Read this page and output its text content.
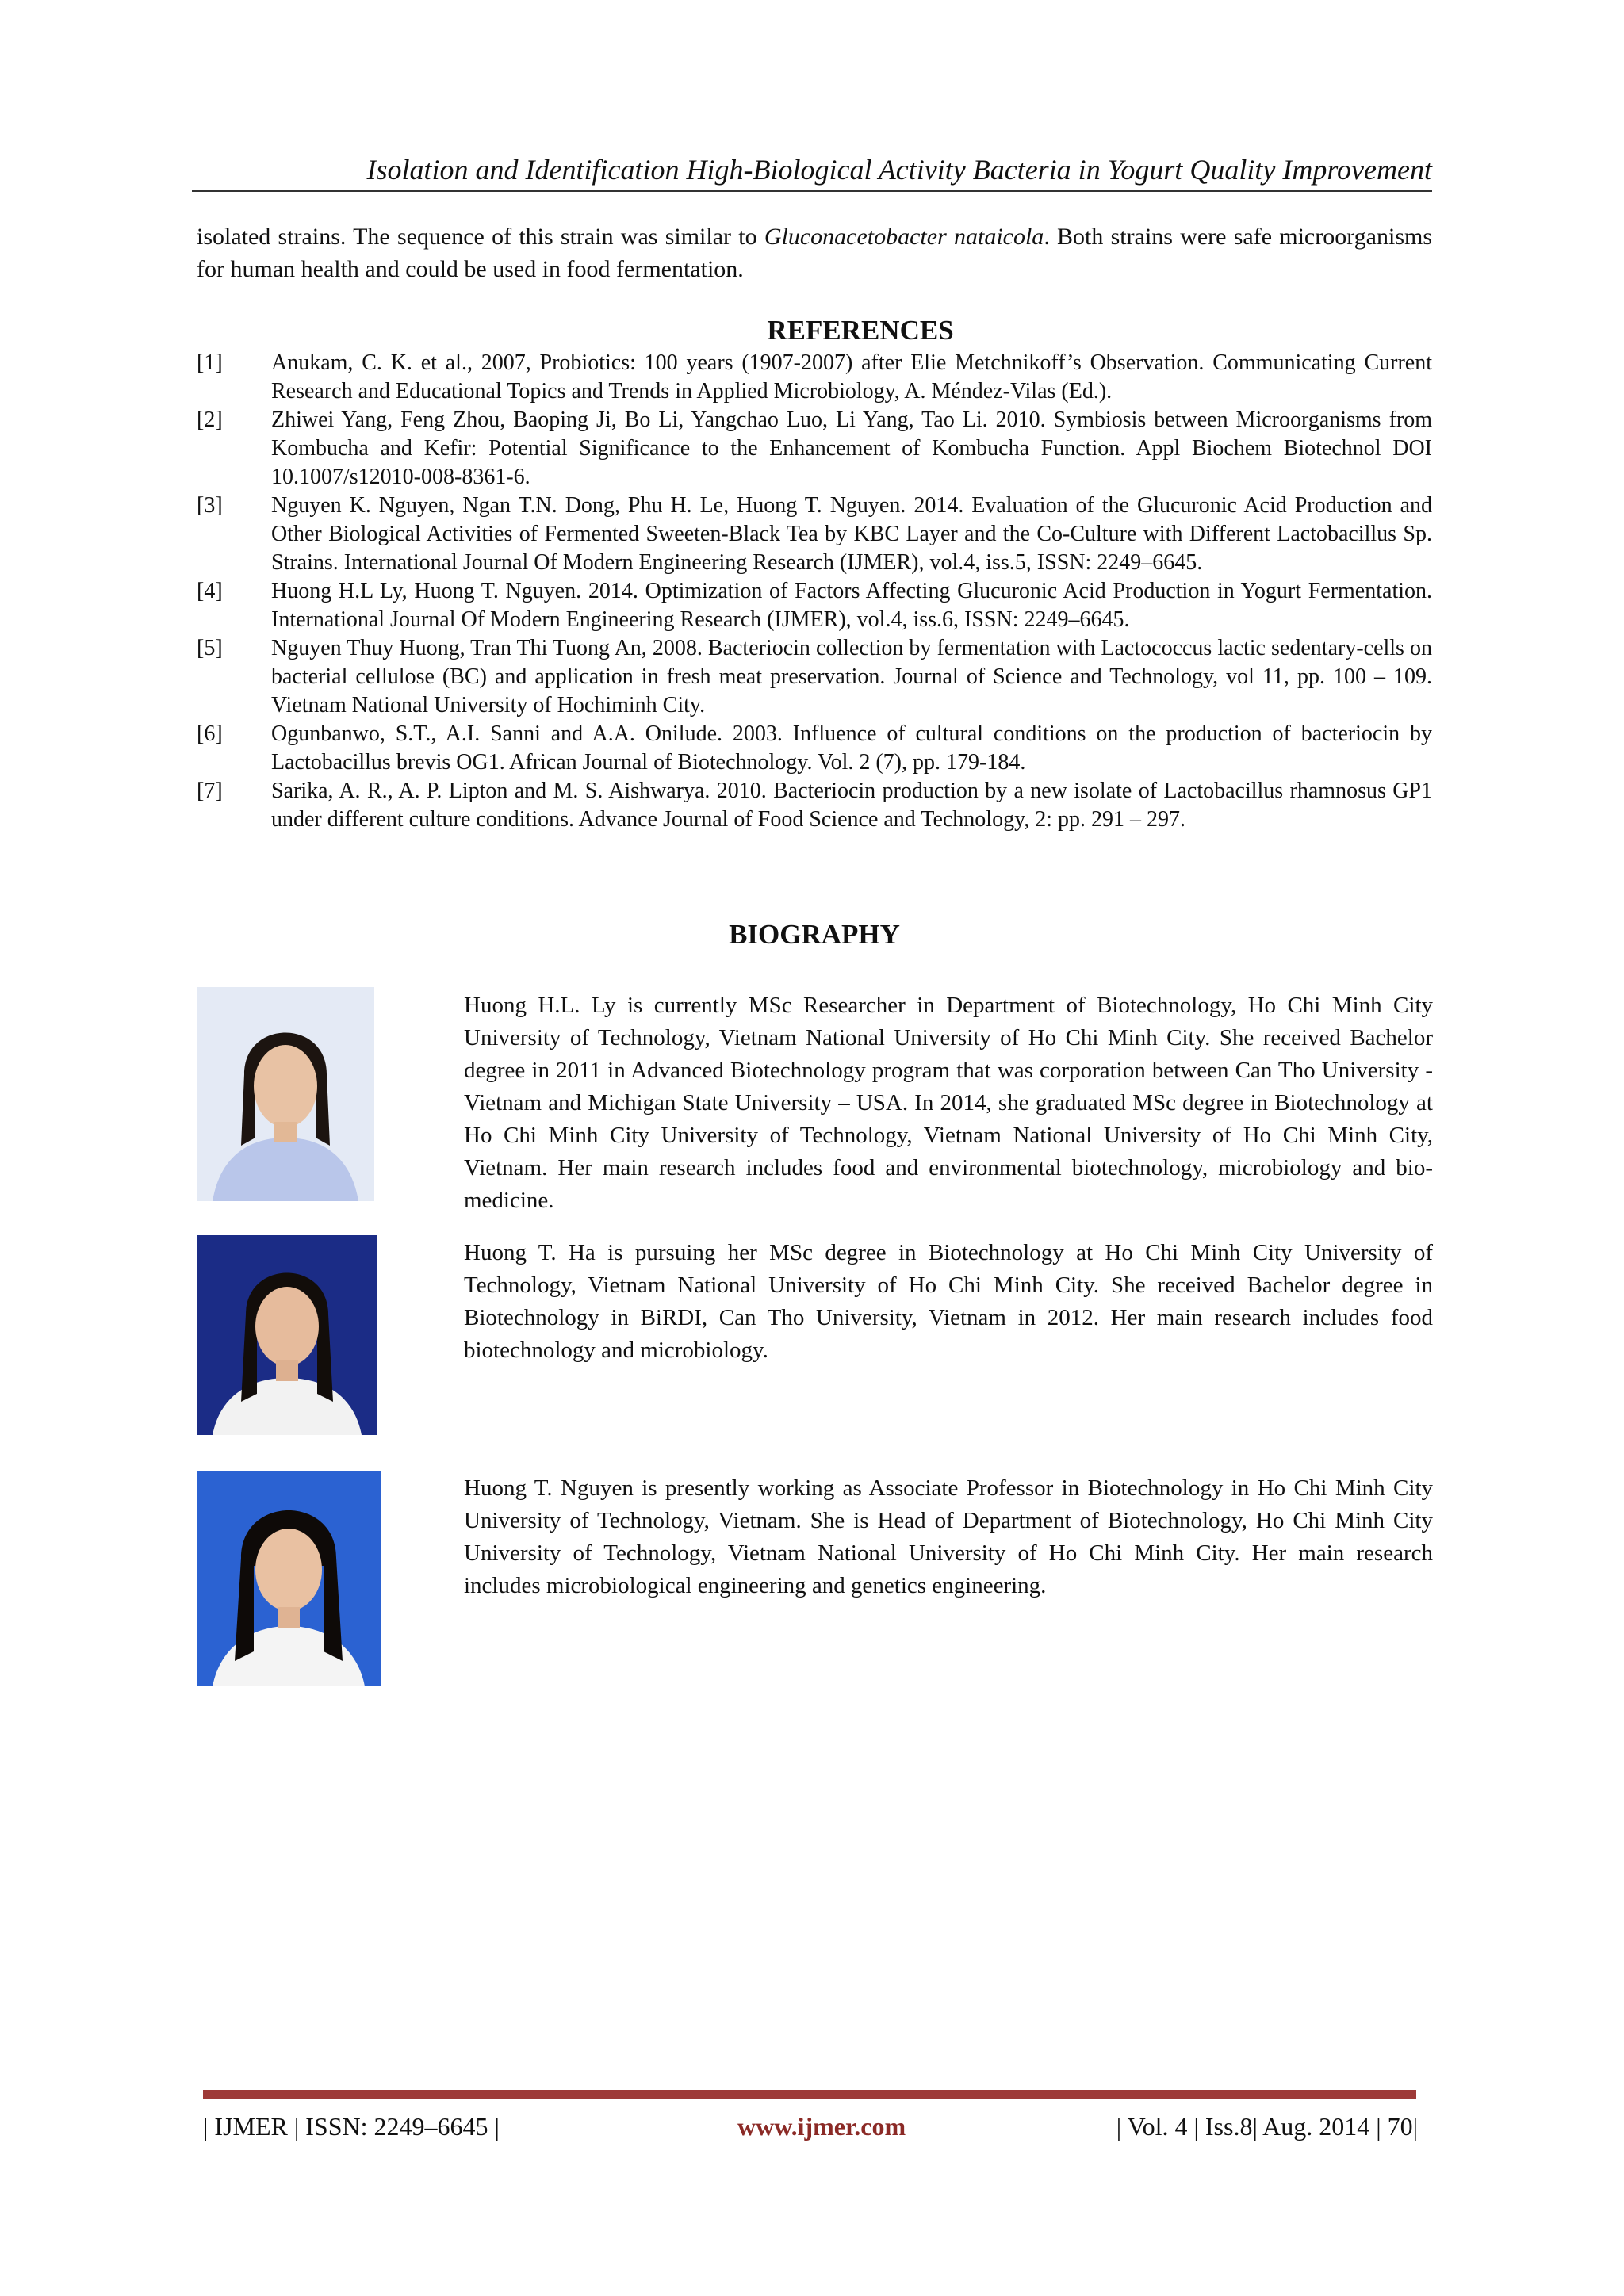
Isolation and Identification High-Biological Activity Bacteria in Yogurt Quality Improvement

isolated strains. The sequence of this strain was similar to Gluconacetobacter nataicola. Both strains were safe microorganisms for human health and could be used in food fermentation.

REFERENCES
[1]	Anukam, C. K. et al., 2007, Probiotics: 100 years (1907-2007) after Elie Metchnikoff’s Observation. Communicating Current Research and Educational Topics and Trends in Applied Microbiology, A. Méndez-Vilas (Ed.).
[2]	Zhiwei Yang, Feng Zhou, Baoping Ji, Bo Li, Yangchao Luo, Li Yang, Tao Li. 2010. Symbiosis between Microorganisms from Kombucha and Kefir: Potential Significance to the Enhancement of Kombucha Function. Appl Biochem Biotechnol DOI 10.1007/s12010-008-8361-6.
[3]	Nguyen K. Nguyen, Ngan T.N. Dong, Phu H. Le, Huong T. Nguyen. 2014. Evaluation of the Glucuronic Acid Production and Other Biological Activities of Fermented Sweeten-Black Tea by KBC Layer and the Co-Culture with Different Lactobacillus Sp. Strains. International Journal Of Modern Engineering Research (IJMER), vol.4, iss.5, ISSN: 2249–6645.
[4]	Huong H.L Ly, Huong T. Nguyen. 2014. Optimization of Factors Affecting Glucuronic Acid Production in Yogurt Fermentation. International Journal Of Modern Engineering Research (IJMER), vol.4, iss.6, ISSN: 2249–6645.
[5]	Nguyen Thuy Huong, Tran Thi Tuong An, 2008. Bacteriocin collection by fermentation with Lactococcus lactic sedentary-cells on bacterial cellulose (BC) and application in fresh meat preservation. Journal of Science and Technology, vol 11, pp. 100 – 109. Vietnam National University of Hochiminh City.
[6]	Ogunbanwo, S.T., A.I. Sanni and A.A. Onilude. 2003. Influence of cultural conditions on the production of bacteriocin by Lactobacillus brevis OG1. African Journal of Biotechnology. Vol. 2 (7), pp. 179-184.
[7]	Sarika, A. R., A. P. Lipton and M. S. Aishwarya. 2010. Bacteriocin production by a new isolate of Lactobacillus rhamnosus GP1 under different culture conditions. Advance Journal of Food Science and Technology, 2: pp. 291 – 297.
BIOGRAPHY

Huong H.L. Ly is currently MSc Researcher in Department of Biotechnology, Ho Chi Minh City University of Technology, Vietnam National University of Ho Chi Minh City. She received Bachelor degree in 2011 in Advanced Biotechnology program that was corporation between Can Tho University - Vietnam and Michigan State University – USA. In 2014, she graduated MSc degree in Biotechnology at Ho Chi Minh City University of Technology, Vietnam National University of Ho Chi Minh City, Vietnam. Her main research includes food and environmental biotechnology, microbiology and bio-medicine.

Huong T. Ha is pursuing her MSc degree in Biotechnology at Ho Chi Minh City University of Technology, Vietnam National University of Ho Chi Minh City. She received Bachelor degree in Biotechnology in BiRDI, Can Tho University, Vietnam in 2012. Her main research includes food biotechnology and microbiology.

Huong T. Nguyen is presently working as Associate Professor in Biotechnology in Ho Chi Minh City University of Technology, Vietnam. She is Head of Department of Biotechnology, Ho Chi Minh City University of Technology, Vietnam National University of Ho Chi Minh City. Her main research includes microbiological engineering and genetics engineering.

| IJMER | ISSN: 2249–6645 |	www.ijmer.com	| Vol. 4 | Iss.8| Aug. 2014 | 70|
